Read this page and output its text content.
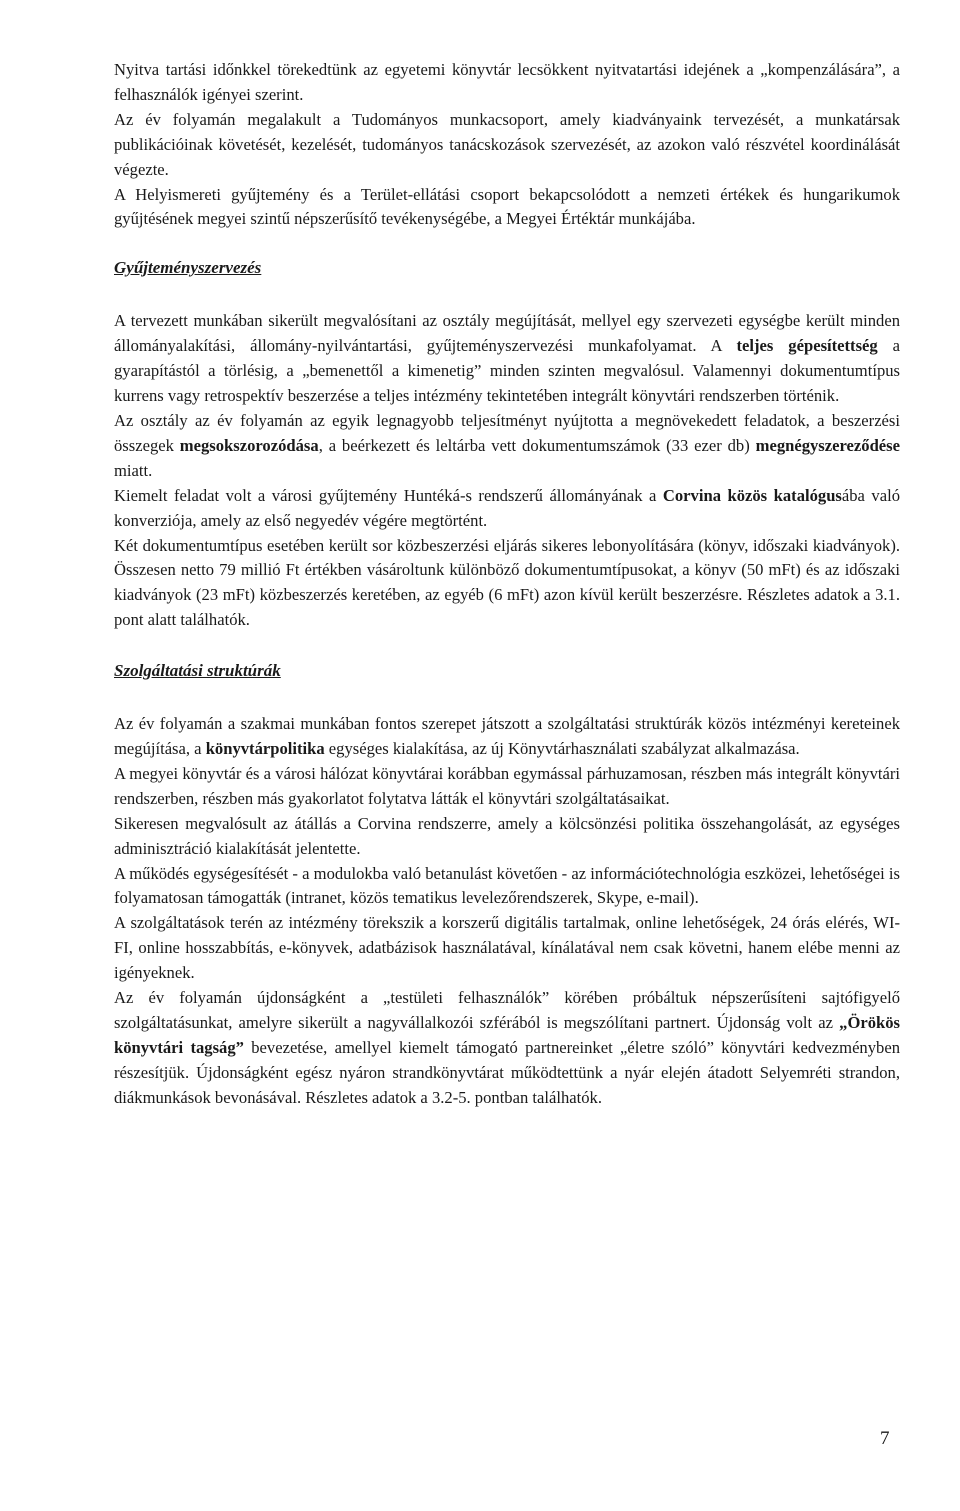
Nyitva tartási időnkkel törekedtünk az egyetemi könyvtár lecsökkent nyitvatartási idejének a „kompenzálására”, a felhasználók igényei szerint.

Az év folyamán megalakult a Tudományos munkacsoport, amely kiadványaink tervezését, a munkatársak publikációinak követését, kezelését, tudományos tanácskozások szervezését, az azokon való részvétel koordinálását végezte.

A Helyismereti gyűjtemény és a Terület-ellátási csoport bekapcsolódott a nemzeti értékek és hungarikumok gyűjtésének megyei szintű népszerűsítő tevékenységébe, a Megyei Értéktár munkájába.

Gyűjteményszervezés

A tervezett munkában sikerült megvalósítani az osztály megújítását, mellyel egy szervezeti egységbe került minden állományalakítási, állomány-nyilvántartási, gyűjteményszervezési munkafolyamat. A teljes gépesítettség a gyarapítástól a törlésig, a „bemenettől a kimenetig” minden szinten megvalósul. Valamennyi dokumentumtípus kurrens vagy retrospektív beszerzése a teljes intézmény tekintetében integrált könyvtári rendszerben történik.

Az osztály az év folyamán az egyik legnagyobb teljesítményt nyújtotta a megnövekedett feladatok, a beszerzési összegek megsokszorozódása, a beérkezett és leltárba vett dokumentumszámok (33 ezer db) megnégyszereződése miatt.

Kiemelt feladat volt a városi gyűjtemény Huntéká-s rendszerű állományának a Corvina közös katalógusába való konverziója, amely az első negyedév végére megtörtént.

Két dokumentumtípus esetében került sor közbeszerzési eljárás sikeres lebonyolítására (könyv, időszaki kiadványok). Összesen netto 79 millió Ft értékben vásároltunk különböző dokumentumtípusokat, a könyv (50 mFt) és az időszaki kiadványok (23 mFt) közbeszerzés keretében, az egyéb (6 mFt) azon kívül került beszerzésre. Részletes adatok a 3.1. pont alatt találhatók.

Szolgáltatási struktúrák

Az év folyamán a szakmai munkában fontos szerepet játszott a szolgáltatási struktúrák közös intézményi kereteinek megújítása, a könyvtárpolitika egységes kialakítása, az új Könyvtárhasználati szabályzat alkalmazása.

A megyei könyvtár és a városi hálózat könyvtárai korábban egymással párhuzamosan, részben más integrált könyvtári rendszerben, részben más gyakorlatot folytatva látták el könyvtári szolgáltatásaikat.

Sikeresen megvalósult az átállás a Corvina rendszerre, amely a kölcsönzési politika összehangolását, az egységes adminisztráció kialakítását jelentette.

A működés egységesítését - a modulokba való betanulást követően - az információtechnológia eszközei, lehetőségei is folyamatosan támogatták (intranet, közös tematikus levelezőrendszerek, Skype, e-mail).

A szolgáltatások terén az intézmény törekszik a korszerű digitális tartalmak, online lehetőségek, 24 órás elérés, WI-FI, online hosszabbítás, e-könyvek, adatbázisok használatával, kínálatával nem csak követni, hanem elébe menni az igényeknek.

Az év folyamán újdonságként a „testületi felhasználók” körében próbáltuk népszerűsíteni sajtófigyelő szolgáltatásunkat, amelyre sikerült a nagyvállalkozói szférából is megszólítani partnert. Újdonság volt az „Örökös könyvtári tagság” bevezetése, amellyel kiemelt támogató partnereinket „életre szóló” könyvtári kedvezményben részesítjük. Újdonságként egész nyáron strandkönyvtárat működtettünk a nyár elején átadott Selyemréti strandon, diákmunkások bevonásával. Részletes adatok a 3.2-5. pontban találhatók.

7
